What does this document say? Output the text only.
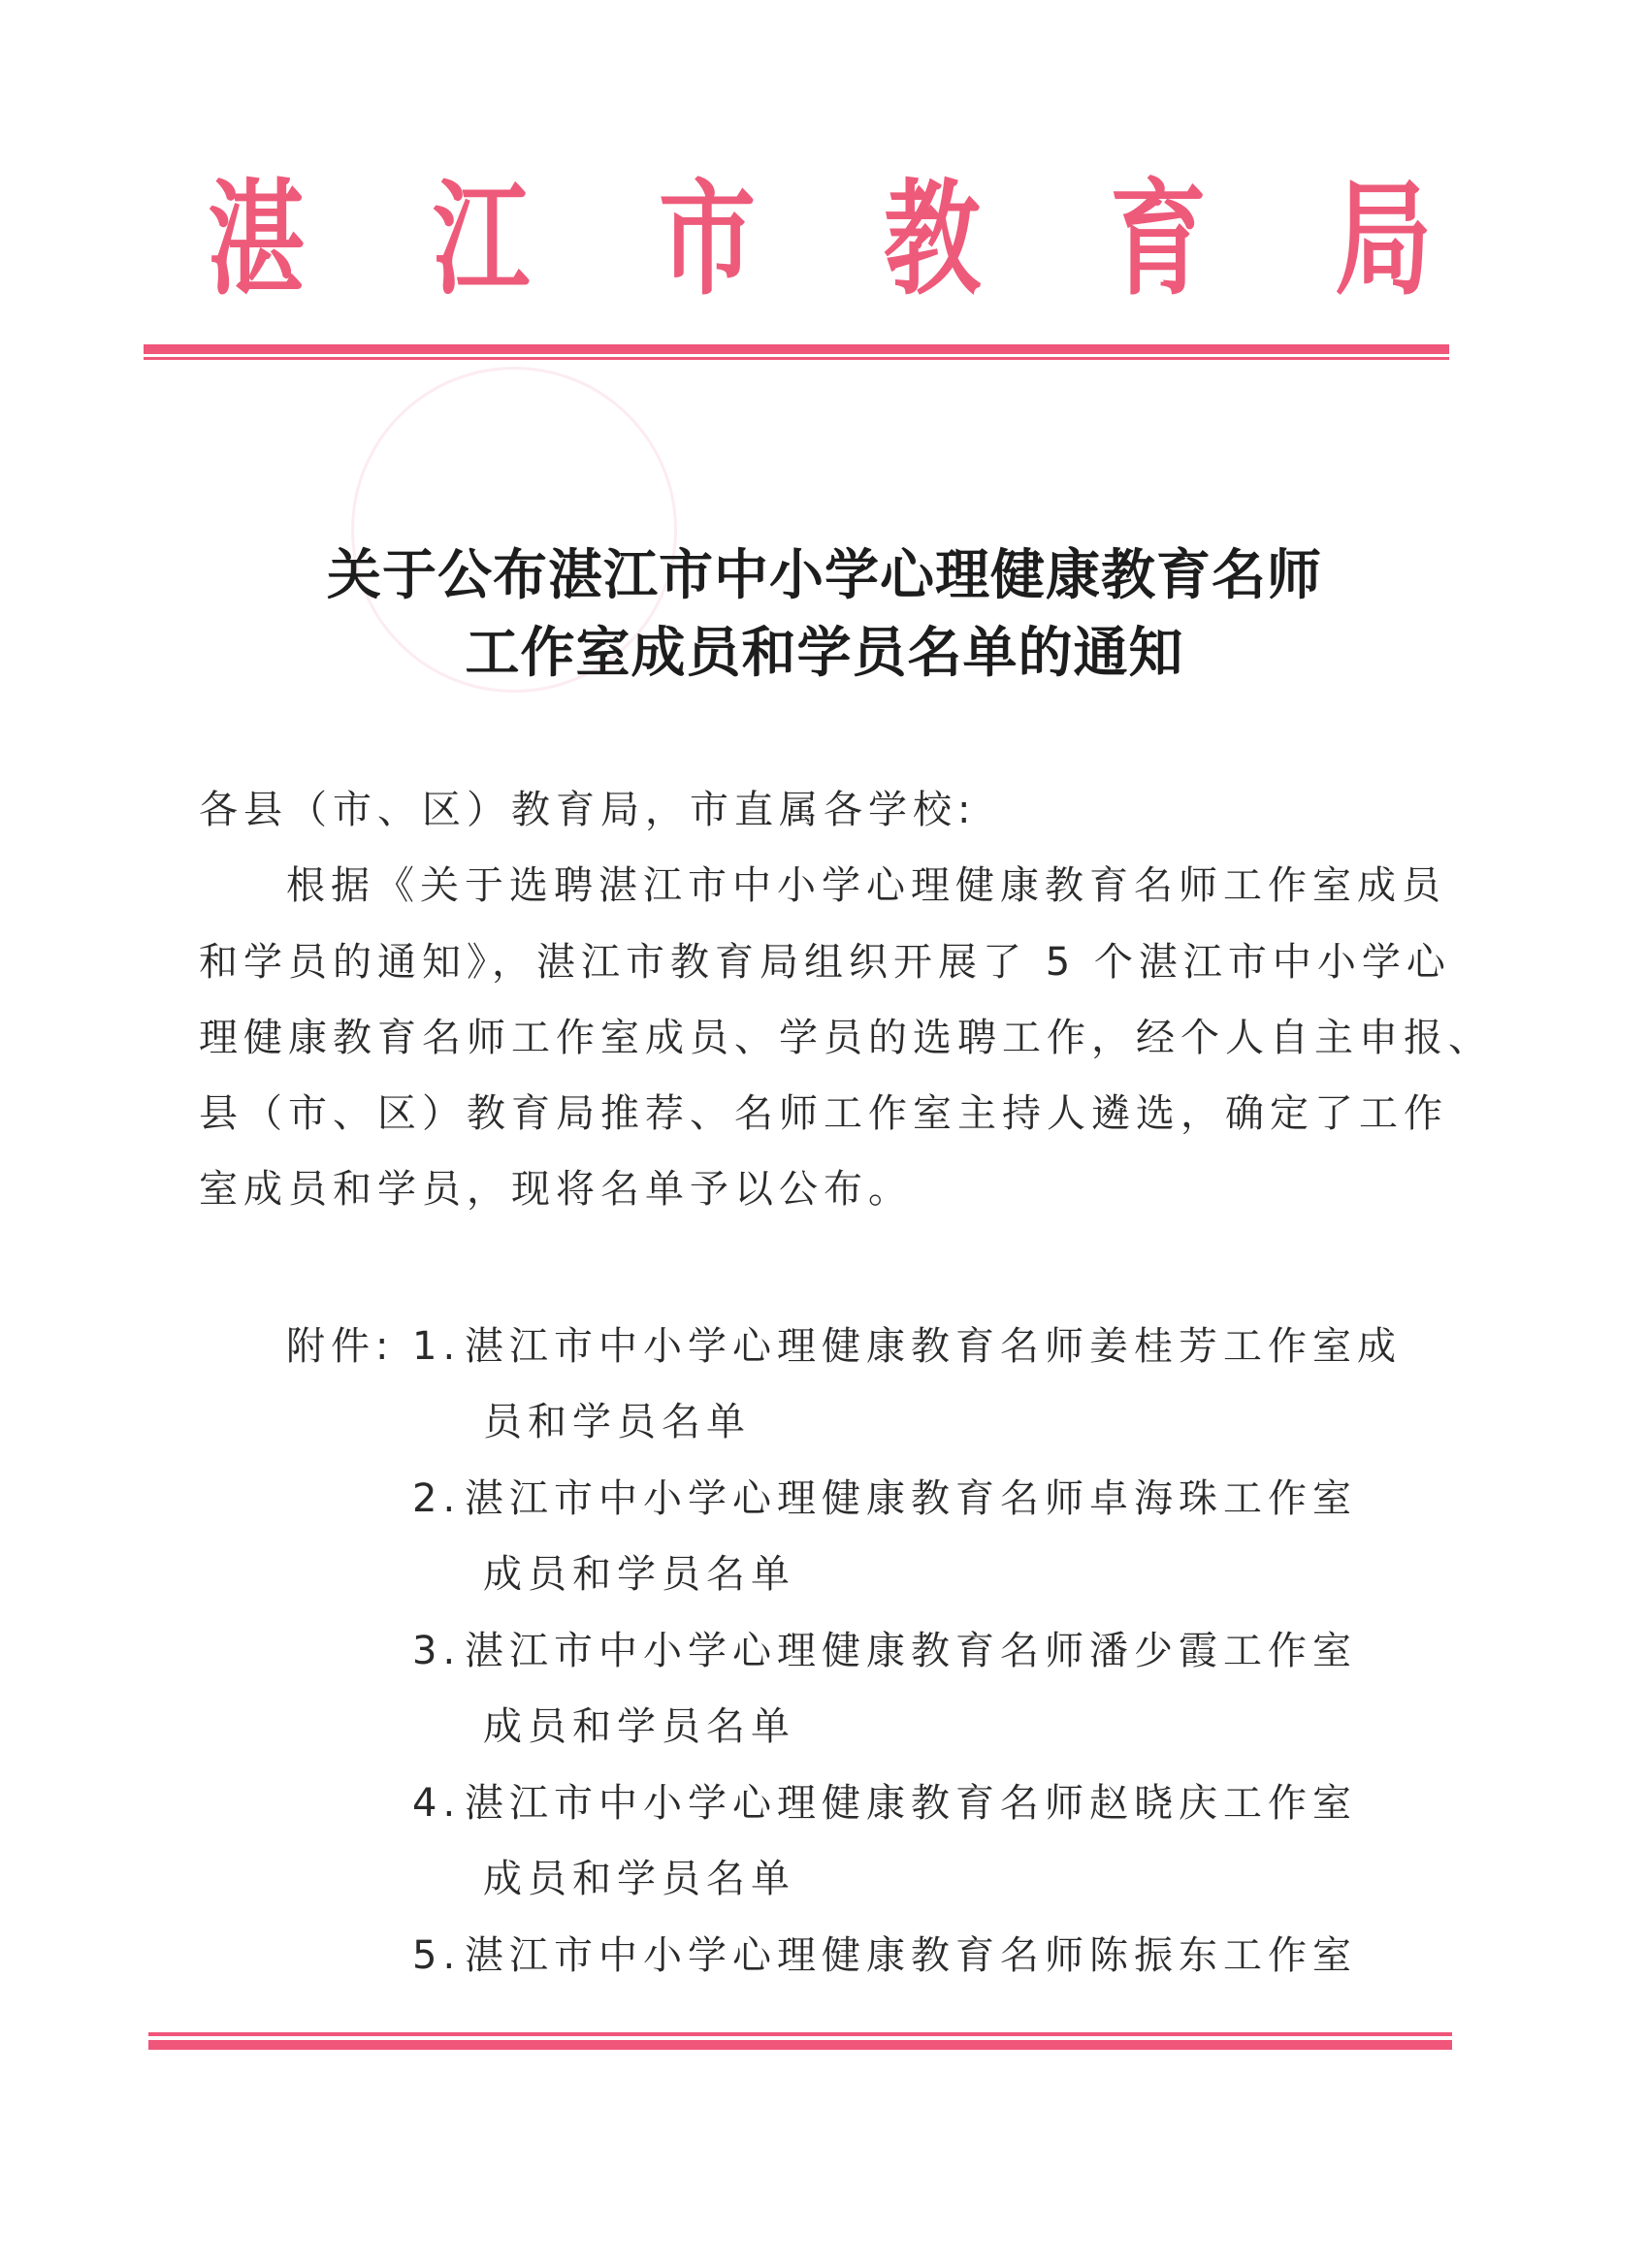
湛 江 市 教 育 局
关于公布湛江市中小学心理健康教育名师
工作室成员和学员名单的通知
各县（市、区）教育局，市直属各学校:
根据《关于选聘湛江市中小学心理健康教育名师工作室成员
和学员的通知》，湛江市教育局组织开展了 5 个湛江市中小学心
理健康教育名师工作室成员、学员的选聘工作，经个人自主申报、
县（市、区）教育局推荐、名师工作室主持人遴选，确定了工作
室成员和学员，现将名单予以公布。
附件: 1.湛江市中小学心理健康教育名师姜桂芳工作室成
员和学员名单
2.湛江市中小学心理健康教育名师卓海珠工作室
成员和学员名单
3.湛江市中小学心理健康教育名师潘少霞工作室
成员和学员名单
4.湛江市中小学心理健康教育名师赵晓庆工作室
成员和学员名单
5.湛江市中小学心理健康教育名师陈振东工作室
